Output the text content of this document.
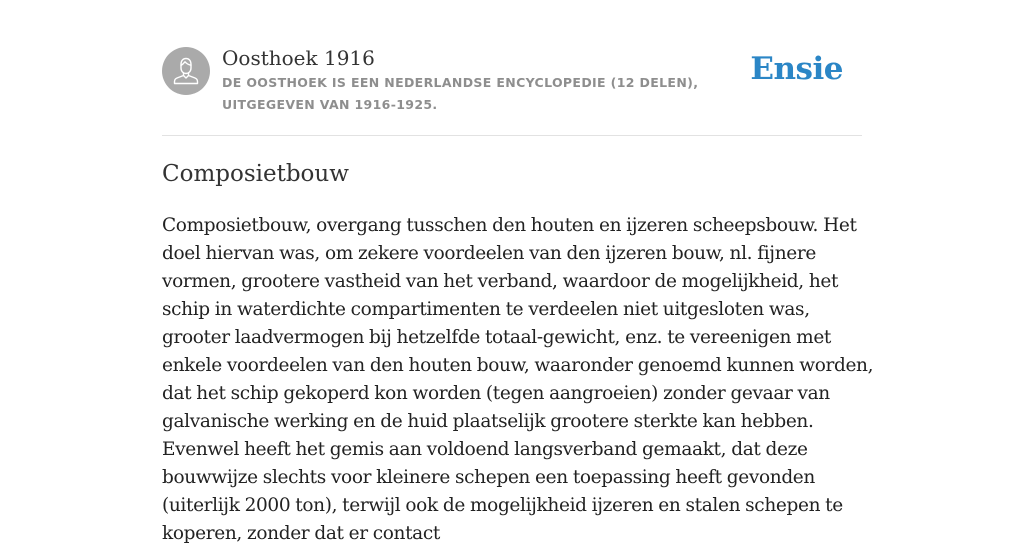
Oosthoek 1916
DE OOSTHOEK IS EEN NEDERLANDSE ENCYCLOPEDIE (12 DELEN), UITGEGEVEN VAN 1916-1925.
Ensie
Composietbouw

Composietbouw, overgang tusschen den houten en ijzeren scheepsbouw. Het doel hiervan was, om zekere voordeelen van den ijzeren bouw, nl. fijnere vormen, grootere vastheid van het verband, waardoor de mogelijkheid, het schip in waterdichte compartimenten te verdeelen niet uitgesloten was, grooter laadvermogen bij hetzelfde totaal-gewicht, enz. te vereenigen met enkele voordeelen van den houten bouw, waaronder genoemd kunnen worden, dat het schip gekoperd kon worden (tegen aangroeien) zonder gevaar van galvanische werking en de huid plaatselijk grootere sterkte kan hebben. Evenwel heeft het gemis aan voldoend langsverband gemaakt, dat deze bouwwijze slechts voor kleinere schepen een toepassing heeft gevonden (uiterlijk 2000 ton), terwijl ook de mogelijkheid ijzeren en stalen schepen te koperen, zonder dat er contact
